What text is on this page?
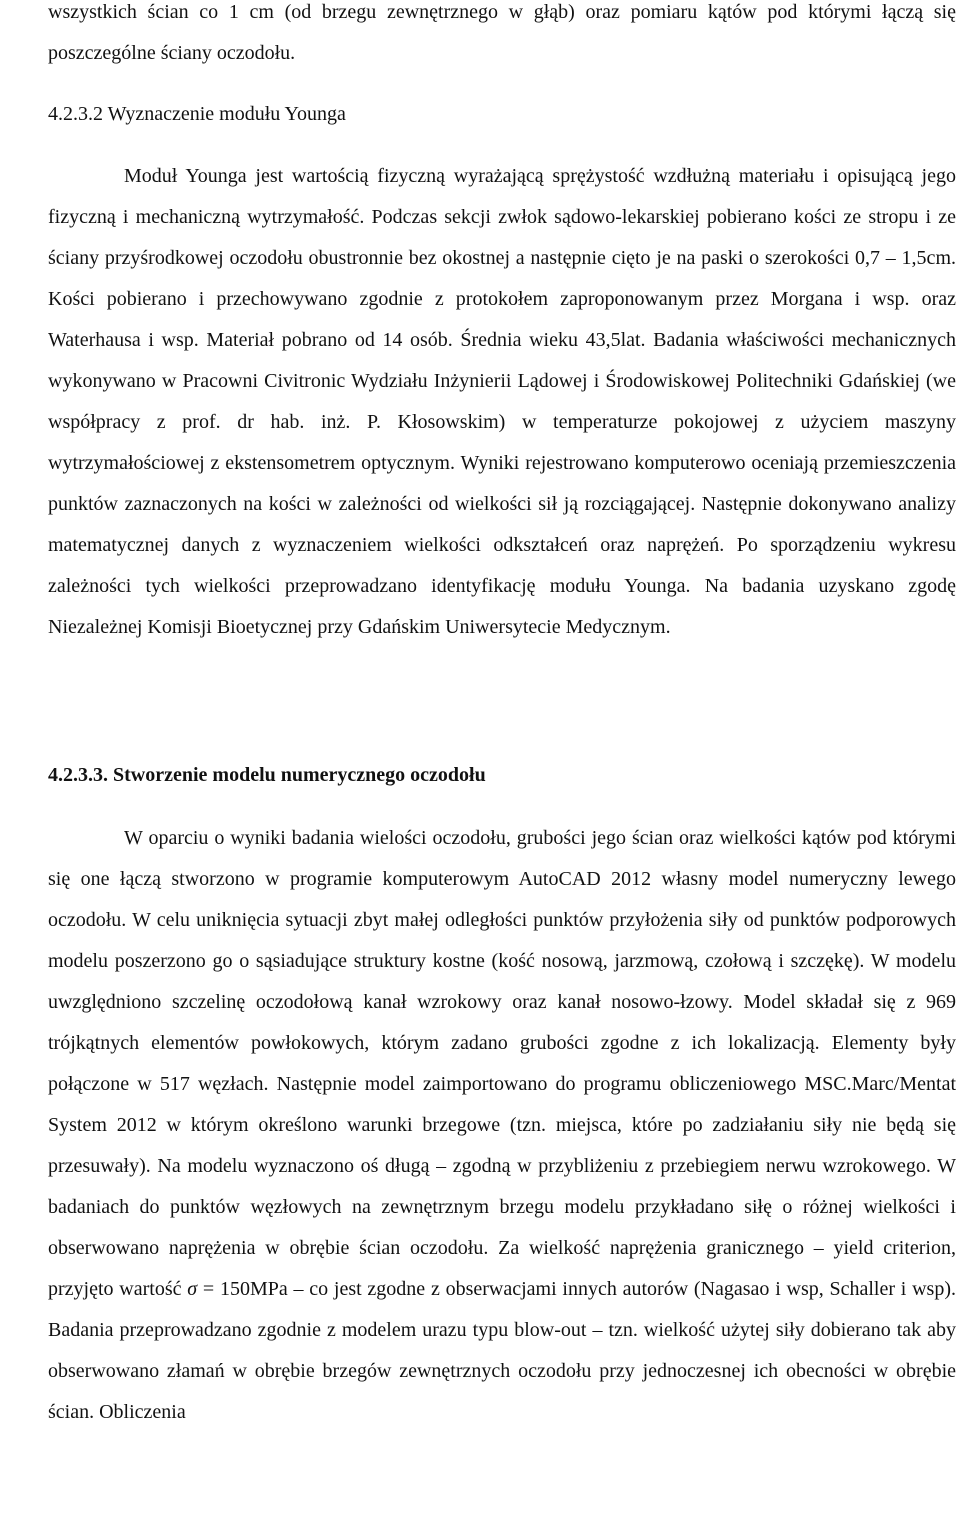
wszystkich ścian co 1 cm (od brzegu zewnętrznego w głąb) oraz pomiaru kątów pod którymi łączą się poszczególne ściany oczodołu.

4.2.3.2 Wyznaczenie modułu Younga

Moduł Younga jest wartością fizyczną wyrażającą sprężystość wzdłużną materiału i opisującą jego fizyczną i mechaniczną wytrzymałość. Podczas sekcji zwłok sądowo-lekarskiej pobierano kości ze stropu i ze ściany przyśrodkowej oczodołu obustronnie bez okostnej a następnie cięto je na paski o szerokości 0,7 – 1,5cm. Kości pobierano i przechowywano zgodnie z protokołem zaproponowanym przez Morgana i wsp. oraz Waterhausa i wsp. Materiał pobrano od 14 osób. Średnia wieku 43,5lat. Badania właściwości mechanicznych wykonywano w Pracowni Civitronic Wydziału Inżynierii Lądowej i Środowiskowej Politechniki Gdańskiej (we współpracy z prof. dr hab. inż. P. Kłosowskim) w temperaturze pokojowej z użyciem maszyny wytrzymałościowej z ekstensometrem optycznym. Wyniki rejestrowano komputerowo oceniają przemieszczenia punktów zaznaczonych na kości w zależności od wielkości sił ją rozciągającej. Następnie dokonywano analizy matematycznej danych z wyznaczeniem wielkości odkształceń oraz naprężeń. Po sporządzeniu wykresu zależności tych wielkości przeprowadzano identyfikację modułu Younga. Na badania uzyskano zgodę Niezależnej Komisji Bioetycznej przy Gdańskim Uniwersytecie Medycznym.

4.2.3.3. Stworzenie modelu numerycznego oczodołu

W oparciu o wyniki badania wielości oczodołu, grubości jego ścian oraz wielkości kątów pod którymi się one łączą stworzono w programie komputerowym AutoCAD 2012 własny model numeryczny lewego oczodołu. W celu uniknięcia sytuacji zbyt małej odległości punktów przyłożenia siły od punktów podporowych modelu poszerzono go o sąsiadujące struktury kostne (kość nosową, jarzmową, czołową i szczękę). W modelu uwzględniono szczelinę oczodołową kanał wzrokowy oraz kanał nosowo-łzowy. Model składał się z 969 trójkątnych elementów powłokowych, którym zadano grubości zgodne z ich lokalizacją. Elementy były połączone w 517 węzłach. Następnie model zaimportowano do programu obliczeniowego MSC.Marc/Mentat System 2012 w którym określono warunki brzegowe (tzn. miejsca, które po zadziałaniu siły nie będą się przesuwały). Na modelu wyznaczono oś długą – zgodną w przybliżeniu z przebiegiem nerwu wzrokowego. W badaniach do punktów węzłowych na zewnętrznym brzegu modelu przykładano siłę o różnej wielkości i obserwowano naprężenia w obrębie ścian oczodołu. Za wielkość naprężenia granicznego – yield criterion, przyjęto wartość σ = 150MPa – co jest zgodne z obserwacjami innych autorów (Nagasao i wsp, Schaller i wsp). Badania przeprowadzano zgodnie z modelem urazu typu blow-out – tzn. wielkość użytej siły dobierano tak aby obserwowano złamań w obrębie brzegów zewnętrznych oczodołu przy jednoczesnej ich obecności w obrębie ścian. Obliczenia
